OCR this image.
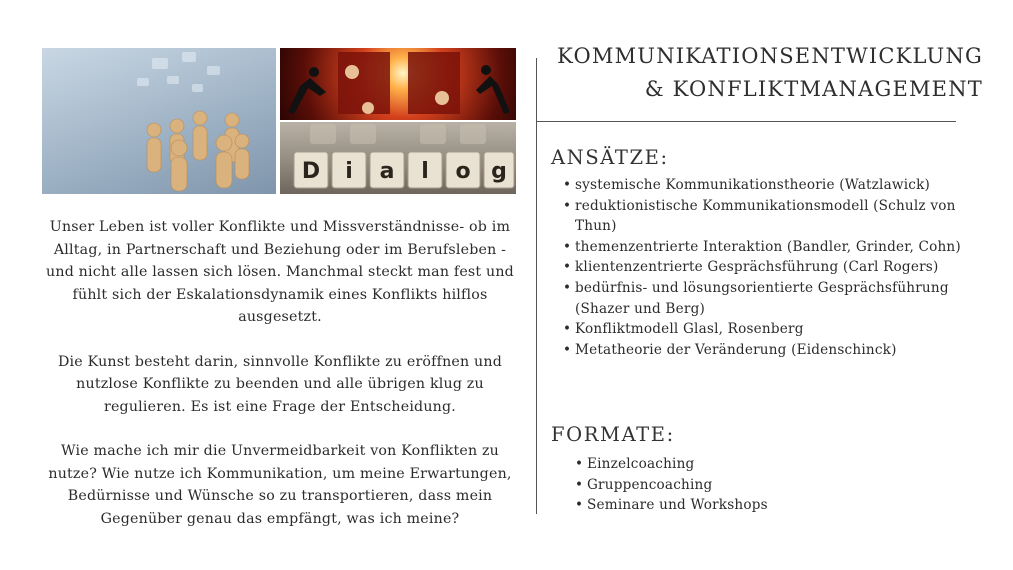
D i a l o g

Unser Leben ist voller Konflikte und Missverständnisse- ob im Alltag, in Partnerschaft und Beziehung oder im Berufsleben - und nicht alle lassen sich lösen. Manchmal steckt man fest und fühlt sich der Eskalationsdynamik eines Konflikts hilflos ausgesetzt.

Die Kunst besteht darin, sinnvolle Konflikte zu eröffnen und nutzlose Konflikte zu beenden und alle übrigen klug zu regulieren. Es ist eine Frage der Entscheidung.

Wie mache ich mir die Unvermeidbarkeit von Konflikten zu nutze? Wie nutze ich Kommunikation, um meine Erwartungen, Bedürnisse und Wünsche so zu transportieren, dass mein Gegenüber genau das empfängt, was ich meine?

KOMMUNIKATIONSENTWICKLUNG
& KONFLIKTMANAGEMENT
ANSÄTZE:
• systemische Kommunikationstheorie (Watzlawick)
• reduktionistische Kommunikationsmodell (Schulz von Thun)
• themenzentrierte Interaktion (Bandler, Grinder, Cohn)
• klientenzentrierte Gesprächsführung (Carl Rogers)
• bedürfnis- und lösungsorientierte Gesprächsführung (Shazer und Berg)
• Konfliktmodell Glasl, Rosenberg
• Metatheorie der Veränderung (Eidenschinck)
FORMATE:
• Einzelcoaching
• Gruppencoaching
• Seminare und Workshops
